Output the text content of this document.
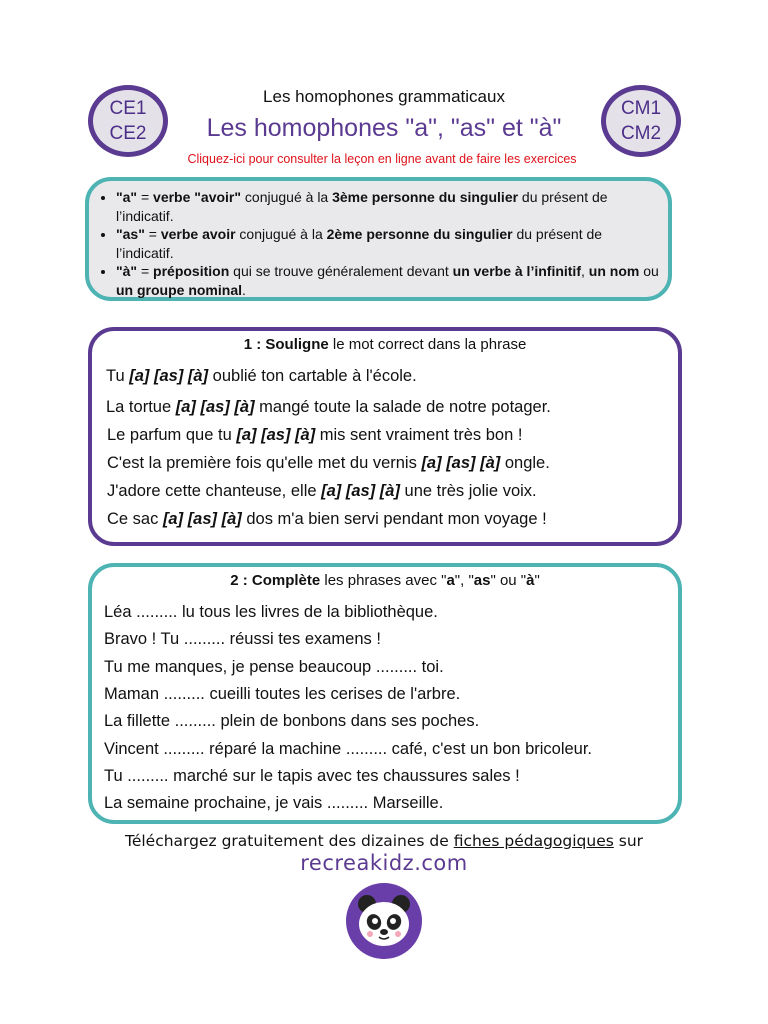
CE1
CE2
CM1
CM2
Les homophones grammaticaux
Les homophones "a", "as" et "à"
Cliquez-ici pour consulter la leçon en ligne avant de faire les exercices
• "a" = verbe "avoir" conjugué à la 3ème personne du singulier du présent de l’indicatif.
• "as" = verbe avoir conjugué à la 2ème personne du singulier du présent de l’indicatif.
• "à" = préposition qui se trouve généralement devant un verbe à l’infinitif, un nom ou un groupe nominal.
1 : Souligne le mot correct dans la phrase
Tu [a] [as] [à] oublié ton cartable à l'école.
La tortue [a] [as] [à] mangé toute la salade de notre potager.
Le parfum que tu [a] [as] [à] mis sent vraiment très bon !
C'est la première fois qu'elle met du vernis [a] [as] [à] ongle.
J'adore cette chanteuse, elle [a] [as] [à] une très jolie voix.
Ce sac [a] [as] [à] dos m'a bien servi pendant mon voyage !
2 : Complète les phrases avec "a", "as" ou "à"
Léa ......... lu tous les livres de la bibliothèque.
Bravo ! Tu ......... réussi tes examens !
Tu me manques, je pense beaucoup ......... toi.
Maman ......... cueilli toutes les cerises de l'arbre.
La fillette ......... plein de bonbons dans ses poches.
Vincent ......... réparé la machine ......... café, c'est un bon bricoleur.
Tu ......... marché sur le tapis avec tes chaussures sales !
La semaine prochaine, je vais ......... Marseille.
Téléchargez gratuitement des dizaines de fiches pédagogiques sur
recreakidz.com
